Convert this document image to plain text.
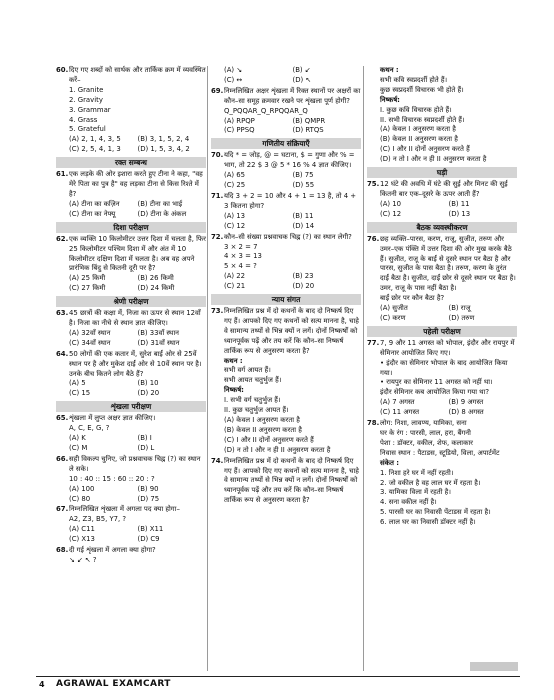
60. दिए गए शब्दों को सार्थक और तार्किक क्रम में व्यवस्थित करें–
1. Granite
2. Gravity
3. Grammar
4. Grass
5. Grateful
(A) 2, 1, 4, 3, 5	(B) 3, 1, 5, 2, 4
(C) 2, 5, 4, 1, 3	(D) 1, 5, 3, 4, 2
रक्त सम्बन्ध
61. एक लड़के की ओर इशारा करते हुए टीना ने कहा, "वह मेरे पिता का पुत्र है" वह लड़का टीना से किस रिश्ते में है?
(A) टीना का कज़िन	(B) टीना का भाई
(C) टीना का नेफ्यू	(D) टीना के अंकल
दिशा परीक्षण
62. एक व्यक्ति 10 किलोमीटर उत्तर दिशा में चलता है, फिर 25 किलोमीटर पश्चिम दिशा में और अंत में 10 किलोमीटर दक्षिण दिशा में चलता है। अब वह अपने प्रारंभिक बिंदु से कितनी दूरी पर है?
(A) 25 किमी	(B) 26 किमी
(C) 27 किमी	(D) 24 किमी
श्रेणी परीक्षण
63. 45 छात्रों की कक्षा में, निजा का ऊपर से स्थान 12वाँ है। निजा का नीचे से स्थान ज्ञात कीजिए।
(A) 32वाँ स्थान	(B) 33वाँ स्थान
(C) 34वाँ स्थान	(D) 31वाँ स्थान
64. 50 लोगों की एक कतार में, सुरेश बाईं ओर से 25वें स्थान पर है और मुकेश दाईं ओर से 10वें स्थान पर है। उनके बीच कितने लोग बैठे हैं?
(A) 5	(B) 10
(C) 15	(D) 20
शृंखला परीक्षण
65. शृंखला में लुप्त अक्षर ज्ञात कीजिए।
A, C, E, G, ?
(A) K	(B) I
(C) M	(D) L
66. सही विकल्प चुनिए, जो प्रश्नवाचक चिह्न (?) का स्थान ले सके।
10 : 40 :: 15 : 60 :: 20 : ?
(A) 100	(B) 90
(C) 80	(D) 75
67. निम्नलिखित शृंखला में अगला पद क्या होगा–
A2, Z3, B5, Y7, ?
(A) C11	(B) X11
(C) X13	(D) C9
68. दी गई शृंखला में अगला क्या होगा?
↘ ↙ ↖ ?
(A) ↘	(B) ↙
(C) ↔	(D) ↖
69. निम्नलिखित अक्षर शृंखला में रिक्त स्थानों पर अक्षरों का कौन–सा समूह क्रमवार रखने पर शृंखला पूर्ण होगी?
Q_PQQAR_Q_RPQQAR_Q
(A) RPQP	(B) QMPR
(C) PPSQ	(D) RTQS
गणितीय संक्रियाएँ
70. यदि * = जोड़, @ = घटाना, $ = गुणा और % = भाग, तो 22 $ 3 @ 5 * 16 % 4 ज्ञात कीजिए।
(A) 65	(B) 75
(C) 25	(D) 55
71. यदि 3 + 2 = 10 और 4 + 1 = 13 है, तो 4 + 3 कितना होगा?
(A) 13	(B) 11
(C) 12	(D) 14
72. कौन–सी संख्या प्रश्नवाचक चिह्न (?) का स्थान लेगी?
3 × 2 = 7
4 × 3 = 13
5 × 4 = ?
(A) 22	(B) 23
(C) 21	(D) 20
न्याय संगत
73. निम्नलिखित प्रश्न में दो कथनों के बाद दो निष्कर्ष दिए गए हैं। आपको दिए गए कथनों को सत्य मानना है, चाहे वे सामान्य तथ्यों से भिन्न क्यों न लगें। दोनों निष्कर्षों को ध्यानपूर्वक पढ़ें और तय करें कि कौन–सा निष्कर्ष तार्किक रूप से अनुसरण करता है?
कथन :
सभी वर्ग आयत हैं।
सभी आयत चतुर्भुज हैं।
निष्कर्ष:
I. सभी वर्ग चतुर्भुज हैं।
II. कुछ चतुर्भुज आयत हैं।
(A) केवल I अनुसरण करता है
(B) केवल II अनुसरण करता है
(C) I और II दोनों अनुसरण करते हैं
(D) न तो I और न ही II अनुसरण करता है
74. निम्नलिखित प्रश्न में दो कथनों के बाद दो निष्कर्ष दिए गए हैं। आपको दिए गए कथनों को सत्य मानना है, चाहे वे सामान्य तथ्यों से भिन्न क्यों न लगें। दोनों निष्कर्षों को ध्यानपूर्वक पढ़ें और तय करें कि कौन–सा निष्कर्ष तार्किक रूप से अनुसरण करता है?
कथन :
सभी कवि स्वप्नदर्शी होते हैं।
कुछ स्वप्नदर्शी विचारक भी होते हैं।
निष्कर्ष:
I. कुछ कवि विचारक होते हैं।
II. सभी विचारक स्वप्नदर्शी होते हैं।
(A) केवल I अनुसरण करता है
(B) केवल II अनुसरण करता है
(C) I और II दोनों अनुसरण करते हैं
(D) न तो I और न ही II अनुसरण करता है
घड़ी
75. 12 घंटे की अवधि में घंटे की सुई और मिनट की सुई कितनी बार एक–दूसरे के ऊपर आती हैं?
(A) 10	(B) 11
(C) 12	(D) 13
बैठक व्यवस्थीकरण
76. छह व्यक्ति–पारस, करण, राजू, सुजीत, तरुण और उमर–एक पंक्ति में उत्तर दिशा की ओर मुख करके बैठे हैं। सुजीत, राजू के बाईं से दूसरे स्थान पर बैठा है और पारस, सुजीत के पास बैठा है। तरुण, करण के तुरंत दाईं बैठा है। सुजीत, दाईं छोर से दूसरे स्थान पर बैठा है। उमर, राजू के पास नहीं बैठा है।
बाईं छोर पर कौन बैठा है?
(A) सुजीत	(B) राजू
(C) करण	(D) तरुण
पहेली परीक्षण
77. 7, 9 और 11 अगस्त को भोपाल, इंदौर और रायपुर में सेमिनार आयोजित किए गए।
• इंदौर का सेमिनार भोपाल के बाद आयोजित किया गया।
• रायपुर का सेमिनार 11 अगस्त को नहीं था।
इंदौर सेमिनार कब आयोजित किया गया था?
(A) 7 अगस्त	(B) 9 अगस्त
(C) 11 अगस्त	(D) 8 अगस्त
78. लोग: निशा, लावण्य, यामिका, सना
घर के रंग : पारसी, लाल, हरा, बैंगनी
पेशा : डॉक्टर, वकील, शेफ, कलाकार
निवास स्थान : पैटाडस, स्टूडियो, विला, अपार्टमेंट
संकेत :
1. निशा हरे घर में नहीं रहती।
2. जो वकील है वह लाल घर में रहता है।
3. यामिका विला में रहती है।
4. सना वकील नहीं है।
5. पारसी घर का निवासी पेंटाडस में रहता है।
6. लाल घर का निवासी डॉक्टर नहीं है।
4 AGRAWAL EXAMCART
